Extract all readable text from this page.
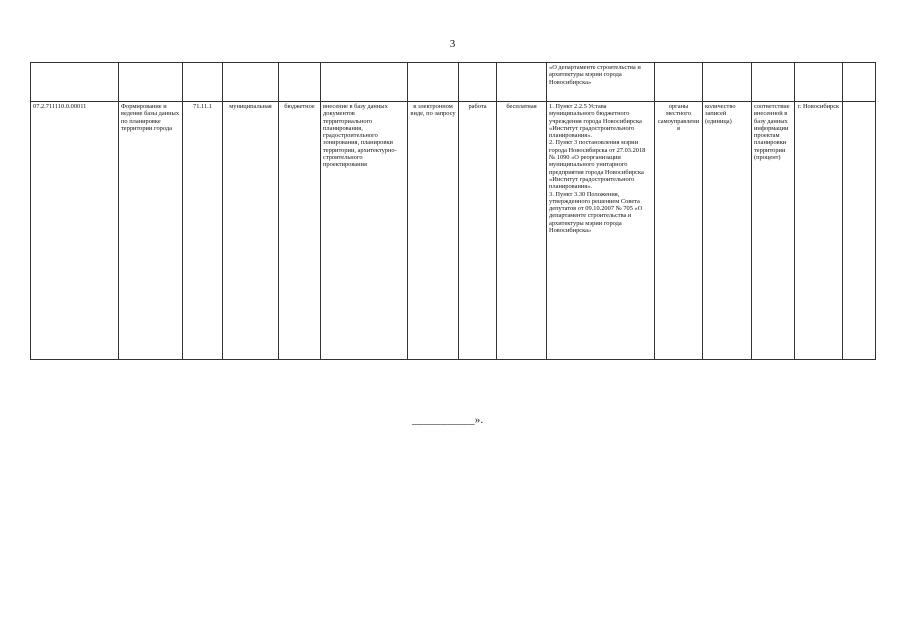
3
									«О департаменте строительства и архитектуры мэрии города Новосибирска»					
07.2.711110.0.00011	Формирование и ведение базы данных по планировке территории города	71.11.1	муниципальная	бюджетное	внесение в базу данных документов территориального планирования, градостроительного зонирования, планировки территории, архитектурно-строительного проектирования	в электронном виде, по запросу	работа	бесплатная	1. Пункт 2.2.5 Устава муниципального бюджетного учреждения города Новосибирска «Институт градостроительного планирования».
2. Пункт 3 постановления мэрии города Новосибирска от 27.03.2018 № 1090 «О реорганизации муниципального унитарного предприятия города Новосибирска «Институт градостроительного планирования».
3. Пункт 3.30 Положения, утвержденного решением Совета депутатов от 09.10.2007 № 705 «О департаменте строительства и архитектуры мэрии города Новосибирска»	органы местного самоуправления	количество записей (единица)	соответствие внесенной в базу данных информации проектам планировки территории (процент)	г. Новосибирск	
___________».
